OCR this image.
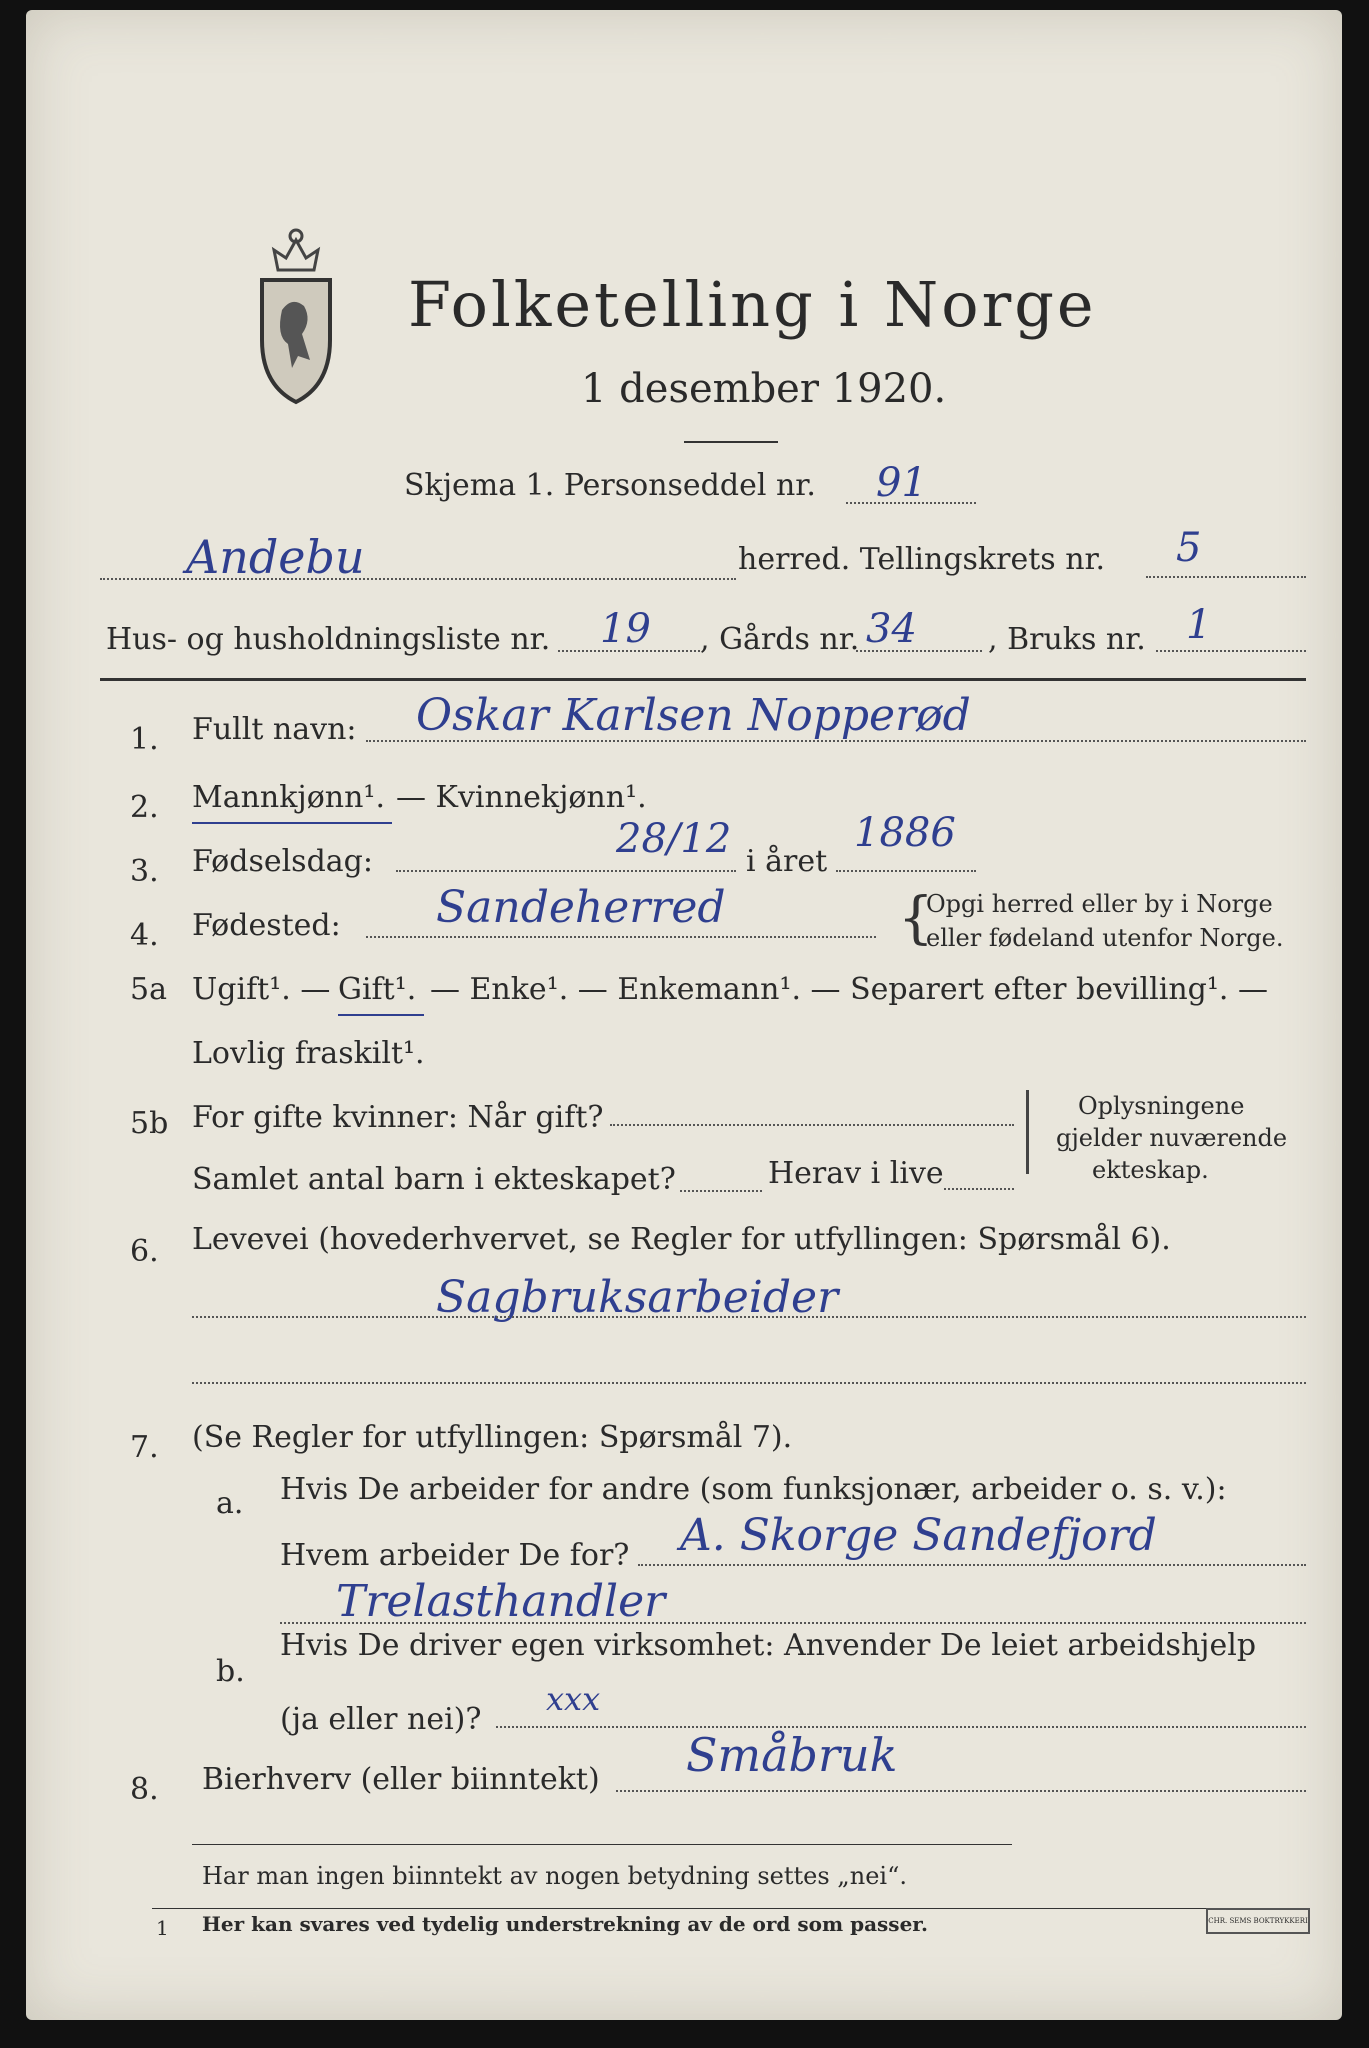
Folketelling i Norge
1 desember 1920.
Skjema 1. Personseddel nr. 91
Andebu	herred. Tellingskrets nr. 5
Hus- og husholdningsliste nr. 19 , Gårds nr. 34 , Bruks nr. 1
1. Fullt navn: Oskar Karlsen Nopperød
2. Mannkjønn¹. — Kvinnekjønn¹.
3. Fødselsdag:	28/12 i året
1886
4. Fødested: Sandeherred	{
Opgi herred eller by i Norge
eller fødeland utenfor Norge.
5a Ugift¹. — Gift¹. — Enke¹. — Enkemann¹. — Separert efter bevilling¹. —
Lovlig fraskilt¹.
5b For gifte kvinner: Når gift?
Samlet antal barn i ekteskapet?	Herav i live
Oplysningene
gjelder nuværende
ekteskap.
6. Levevei (hovederhvervet, se Regler for utfyllingen: Spørsmål 6).
Sagbruksarbeider
7. (Se Regler for utfyllingen: Spørsmål 7).
a. Hvis De arbeider for andre (som funksjonær, arbeider o. s. v.):
Hvem arbeider De for? A. Skorge Sandefjord
Trelasthandler
b.
Hvis De driver egen virksomhet: Anvender De leiet arbeidshjelp
(ja eller nei)?
xxx
8. Bierhverv (eller biinntekt) Småbruk
Har man ingen biinntekt av nogen betydning settes „nei“.
1 Her kan svares ved tydelig understrekning av de ord som passer.	CHR. SEMS BOKTRYKKERI
